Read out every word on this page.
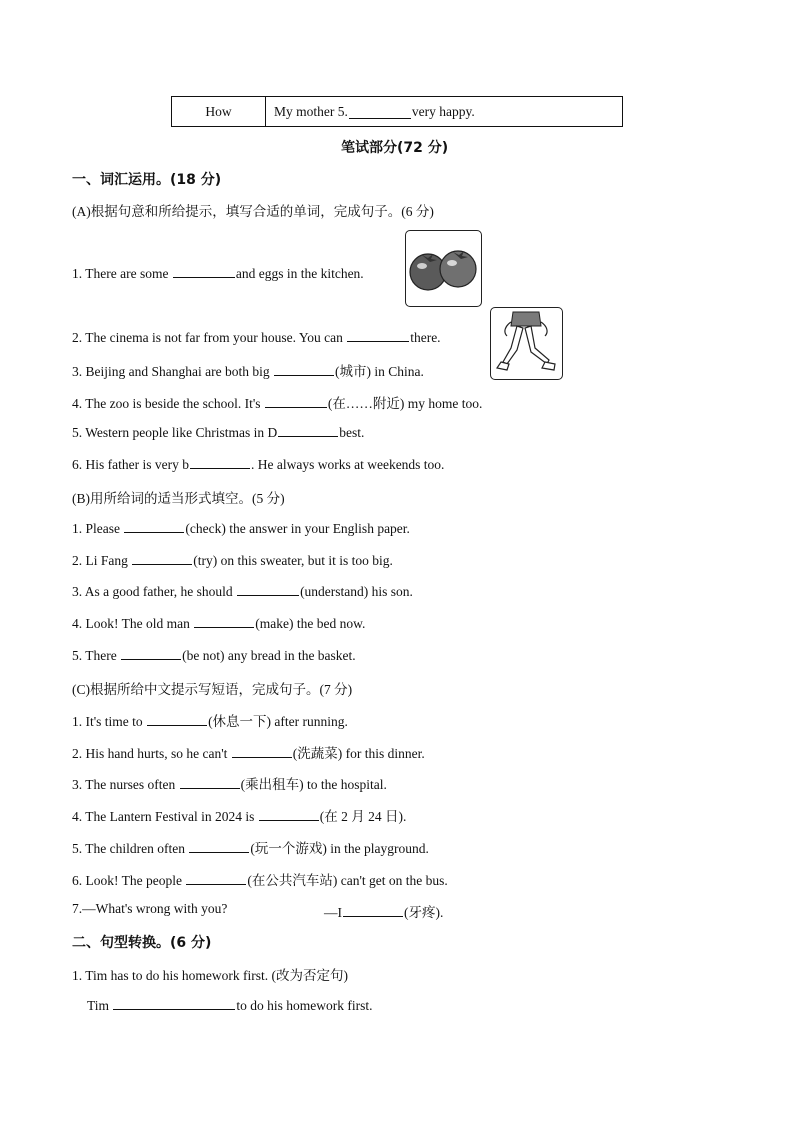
How	My mother 5.	very happy.
笔试部分(72 分)
一、词汇运用。(18 分)
(A)根据句意和所给提示，填写合适的单词，完成句子。(6 分)
1. There are some	and eggs in the kitchen.
2. The cinema is not far from your house. You can	there.
3. Beijing and Shanghai are both big	(城市) in China.
4. The zoo is beside the school. It's	(在……附近) my home too.
5. Western people like Christmas in D	best.
6. His father is very b	. He always works at weekends too.
(B)用所给词的适当形式填空。(5 分)
1. Please	(check) the answer in your English paper.
2. Li Fang	(try) on this sweater, but it is too big.
3. As a good father, he should	(understand) his son.
4. Look! The old man	(make) the bed now.
5. There	(be not) any bread in the basket.
(C)根据所给中文提示写短语，完成句子。(7 分)
1. It's time to	(休息一下) after running.
2. His hand hurts, so he can't	(洗蔬菜) for this dinner.
3. The nurses often	(乘出租车) to the hospital.
4. The Lantern Festival in 2024 is	(在 2 月 24 日).
5. The children often	(玩一个游戏) in the playground.
6. Look! The people	(在公共汽车站) can't get on the bus.
7.—What's wrong with you?	—I	(牙疼).
二、句型转换。(6 分)
1. Tim has to do his homework first. (改为否定句)
Tim	to do his homework first.
